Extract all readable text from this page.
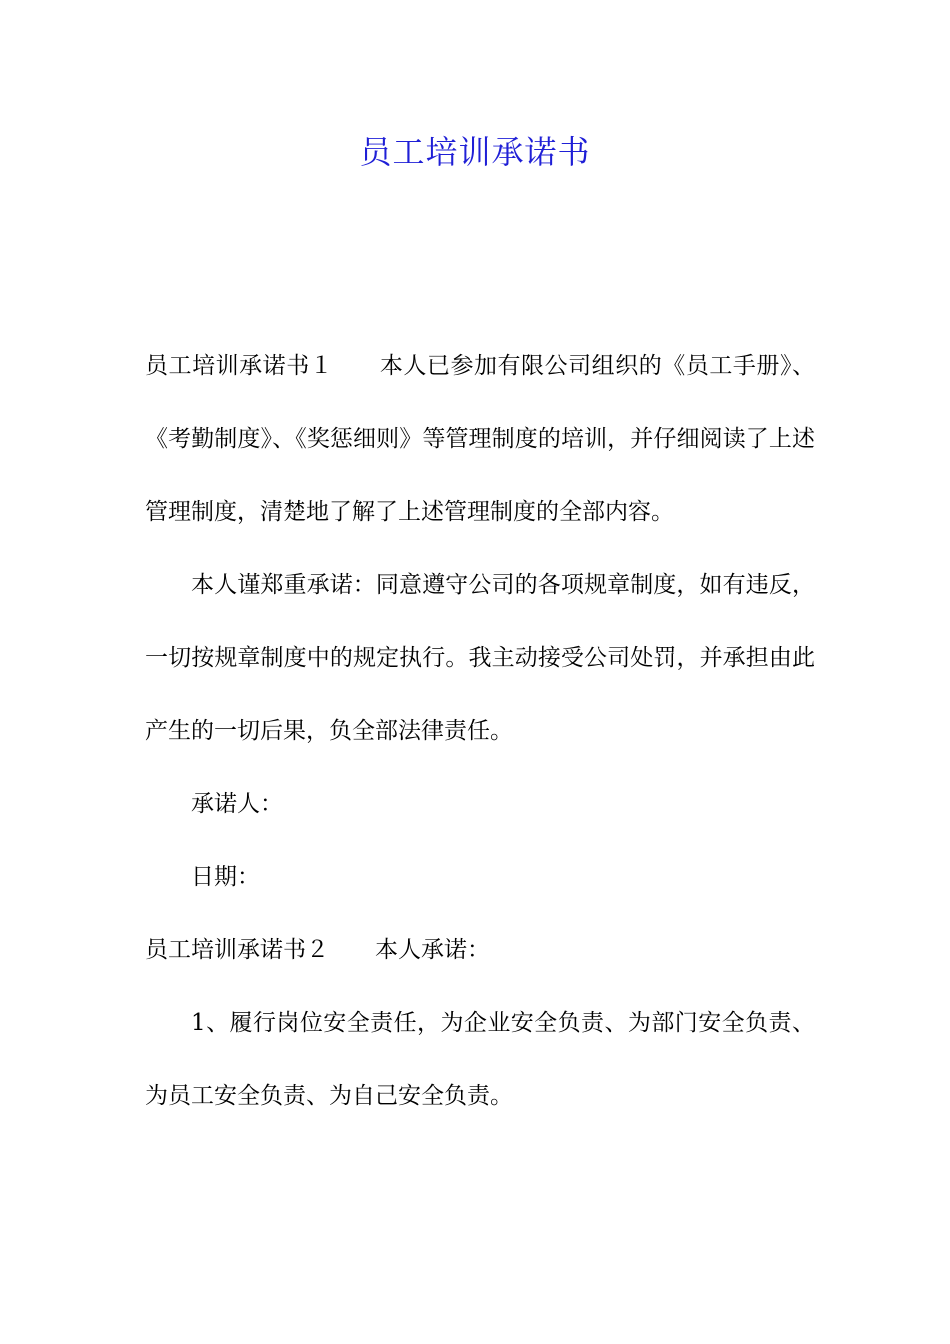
员工培训承诺书

员工培训承诺书１ 本人已参加有限公司组织的《员工手册》、《考勤制度》、《奖惩细则》等管理制度的培训，并仔细阅读了上述管理制度，清楚地了解了上述管理制度的全部内容。

本人谨郑重承诺：同意遵守公司的各项规章制度，如有违反，一切按规章制度中的规定执行。我主动接受公司处罚，并承担由此产生的一切后果，负全部法律责任。

承诺人：

日期：

员工培训承诺书２ 本人承诺：

1、履行岗位安全责任，为企业安全负责、为部门安全负责、为员工安全负责、为自己安全负责。
